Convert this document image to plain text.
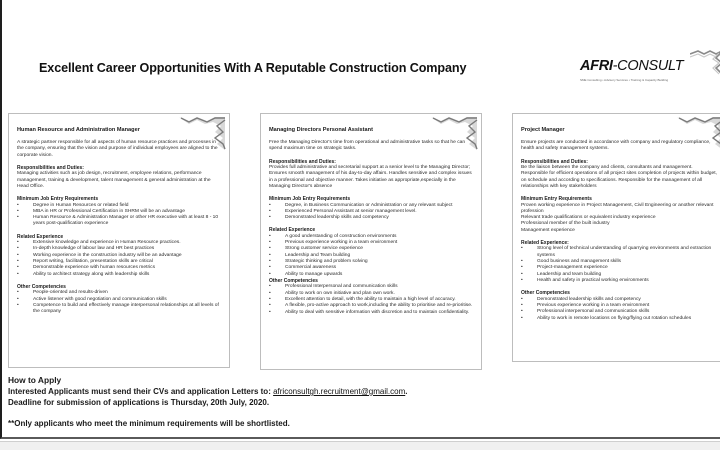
Excellent Career Opportunities With A Reputable Construction Company	AFRI-CONSULT
SME Consulting • Advisory Services • Training & Capacity Building
Human Resource and Administration Manager
A strategic partner responsible for all aspects of human resource practices and processes in the company, ensuring that the vision and purpose of individual employees are aligned to the corporate vision.
Responsibilities and Duties:
Managing activities such as job design, recruitment, employee relations, performance management, training & development, talent management & general administration at the Head Office.
Minimum Job Entry Requirements
• Degree in Human Resources or related field
• MBA in HR or Professional Certification in SHRM will be an advantage
• Human Resource & Administration Manager or other HR executive with at least 8 - 10 years post-qualification experience
Related Experience
• Extensive knowledge and experience in Human Resource practices.
• In-depth knowledge of labour law and HR best practices
• Working experience in the construction industry will be an advantage
• Report writing, facilitation, presentation skills are critical
• Demonstrable experience with human resources metrics
• Ability to architect strategy along with leadership skills
Other Competencies
• People-oriented and results-driven
• Active listener with good negotiation and communication skills
• Competence to build and effectively manage interpersonal relationships at all levels of the company
Managing Directors Personal Assistant
Free the Managing Director's time from operational and administrative tasks so that he can spend maximum time on strategic tasks.
Responsibilities and Duties:
Provides full administrative and secretarial support at a senior level to the Managing Director; Ensures smooth management of his day-to-day affairs. Handles sensitive and complex issues in a professional and objective manner. Takes initiative as appropriate,especially in the Managing Director's absence
Minimum Job Entry Requirements
• Degree, in Business Communication or Administration or any relevant subject
• Experienced Personal Assistant at senior management level.
• Demonstrated leadership skills and competency
Related Experience
• A good understanding of construction environments
• Previous experience working in a team environment
• Strong customer service experience
• Leadership and Team building
• Strategic thinking and problem solving
• Commercial awareness
• Ability to manage upwards
Other Competencies
• Professional Interpersonal and communication skills
• Ability to work on own initiative and plan own work.
• Excellent attention to detail, with the ability to maintain a high level of accuracy.
• A flexible, pro-active approach to work,including the ability to prioritise and re-prioritise.
• Ability to deal with sensitive information with discretion and to maintain confidentiality.
Project Manager
Ensure projects are conducted in accordance with company and regulatory compliance, health and safety management systems.
Responsibilities and Duties:
Be the liaison between the company and clients, consultants and management. Responsible for efficient operations of all project sites completion of projects within budget, on schedule and according to specifications. Responsible for the management of all relationships with key stakeholders
Minimum Entry Requirements
Proven working experience in Project Management, Civil Engineering or another relevant profession
Relevant trade qualifications or equivalent industry experience
Professional member of the built industry
Management experience
Related Experience:
• Strong level of technical understanding of quarrying environments and extraction systems
• Good business and management skills
• Project-management experience
• Leadership and team building
• Health and safety in practical working environments
Other Competencies
• Demonstrated leadership skills and competency
• Previous experience working in a team environment
• Professional interpersonal and communication skills
• Ability to work in remote locations on flying/flying out rotation schedules
How to Apply
Interested Applicants must send their CVs and application Letters to: africonsultgh.recruitment@gmail.com.
Deadline for submission of applications is Thursday, 20th July, 2020.
**Only applicants who meet the minimum requirements will be shortlisted.
